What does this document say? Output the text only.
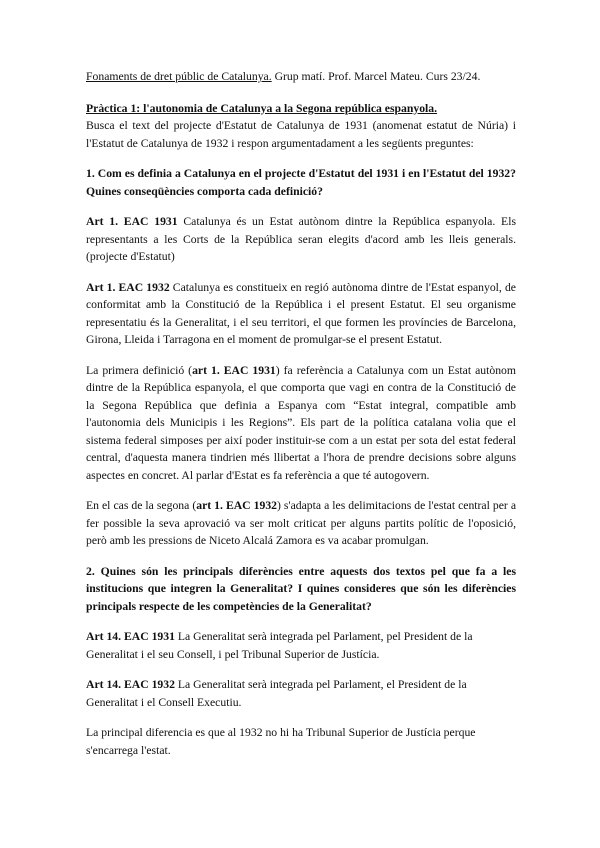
Fonaments de dret públic de Catalunya. Grup matí. Prof. Marcel Mateu. Curs 23/24.

Pràctica 1: l'autonomia de Catalunya a la Segona república espanyola.

Busca el text del projecte d'Estatut de Catalunya de 1931 (anomenat estatut de Núria) i l'Estatut de Catalunya de 1932 i respon argumentadament a les següents preguntes:

1. Com es definia a Catalunya en el projecte d'Estatut del 1931 i en l'Estatut del 1932? Quines conseqüències comporta cada definició?

Art 1. EAC 1931 Catalunya és un Estat autònom dintre la República espanyola. Els representants a les Corts de la República seran elegits d'acord amb les lleis generals. (projecte d'Estatut)

Art 1. EAC 1932 Catalunya es constitueix en regió autònoma dintre de l'Estat espanyol, de conformitat amb la Constitució de la República i el present Estatut. El seu organisme representatiu és la Generalitat, i el seu territori, el que formen les províncies de Barcelona, Girona, Lleida i Tarragona en el moment de promulgar-se el present Estatut.

La primera definició (art 1. EAC 1931) fa referència a Catalunya com un Estat autònom dintre de la República espanyola, el que comporta que vagi en contra de la Constitució de la Segona República que definia a Espanya com “Estat integral, compatible amb l'autonomia dels Municipis i les Regions”. Els part de la política catalana volia que el sistema federal simposes per així poder instituir-se com a un estat per sota del estat federal central, d'aquesta manera tindrien més llibertat a l'hora de prendre decisions sobre alguns aspectes en concret. Al parlar d'Estat es fa referència a que té autogovern.

En el cas de la segona (art 1. EAC 1932) s'adapta a les delimitacions de l'estat central per a fer possible la seva aprovació va ser molt criticat per alguns partits polític de l'oposició, però amb les pressions de Niceto Alcalá Zamora es va acabar promulgan.

2. Quines són les principals diferències entre aquests dos textos pel que fa a les institucions que integren la Generalitat? I quines consideres que són les diferències principals respecte de les competències de la Generalitat?

Art 14. EAC 1931 La Generalitat serà integrada pel Parlament, pel President de la Generalitat i el seu Consell, i pel Tribunal Superior de Justícia.

Art 14. EAC 1932 La Generalitat serà integrada pel Parlament, el President de la Generalitat i el Consell Executiu.

La principal diferencia es que al 1932 no hi ha Tribunal Superior de Justícia perque s'encarrega l'estat.
